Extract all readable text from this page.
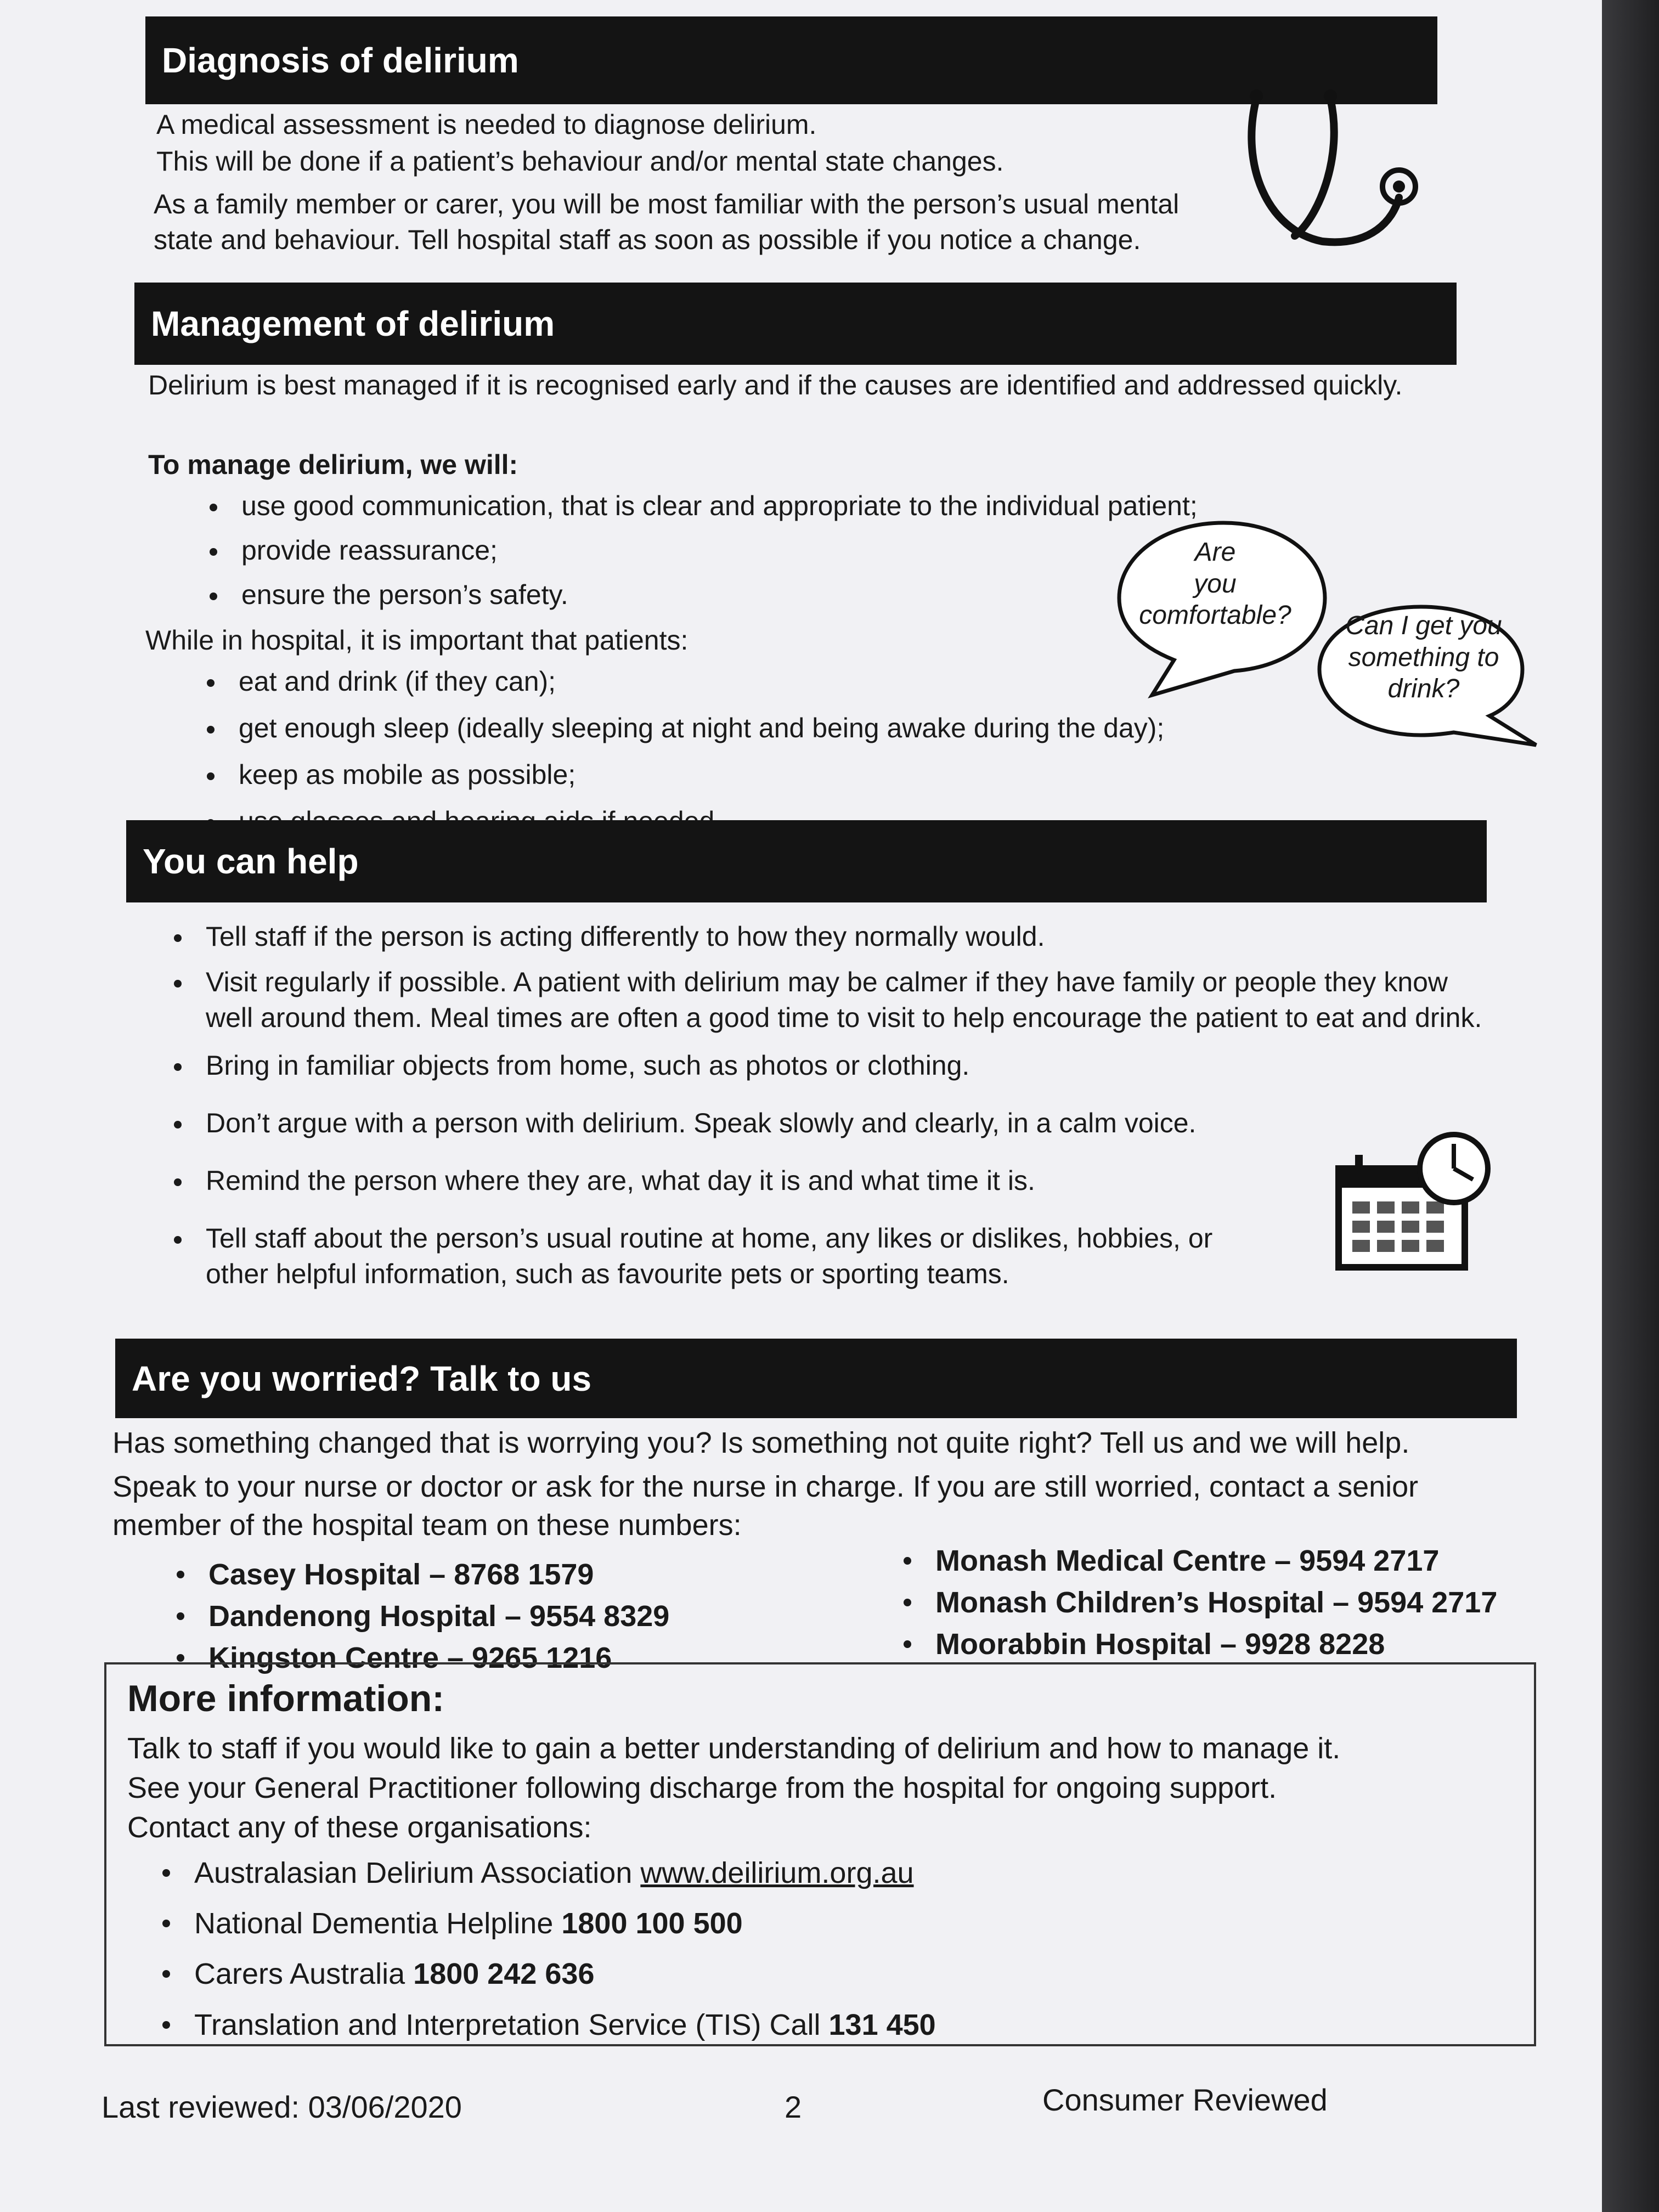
Diagnosis of delirium

A medical assessment is needed to diagnose delirium.

This will be done if a patient’s behaviour and/or mental state changes.

As a family member or carer, you will be most familiar with the person’s usual mental state and behaviour. Tell hospital staff as soon as possible if you notice a change.

Management of delirium

Delirium is best managed if it is recognised early and if the causes are identified and addressed quickly.

To manage delirium, we will:

use good communication, that is clear and appropriate to the individual patient;
provide reassurance;
ensure the person’s safety.

While in hospital, it is important that patients:

eat and drink (if they can);
get enough sleep (ideally sleeping at night and being awake during the day);
keep as mobile as possible;
Are
you
comfortable?	Can I get you
something to
drink?
You can help
Tell staff if the person is acting differently to how they normally would.
Visit regularly if possible. A patient with delirium may be calmer if they have family or people they know well around them. Meal times are often a good time to visit to help encourage the patient to eat and drink.
Bring in familiar objects from home, such as photos or clothing.
Don’t argue with a person with delirium. Speak slowly and clearly, in a calm voice.
Remind the person where they are, what day it is and what time it is.
Tell staff about the person’s usual routine at home, any likes or dislikes, hobbies, or other helpful information, such as favourite pets or sporting teams.
Are you worried? Talk to us

Has something changed that is worrying you? Is something not quite right? Tell us and we will help.

Speak to your nurse or doctor or ask for the nurse in charge. If you are still worried, contact a senior member of the hospital team on these numbers:

Casey Hospital – 8768 1579
Dandenong Hospital – 9554 8329
Kingston Centre – 9265 1216
Monash Medical Centre – 9594 2717
Monash Children’s Hospital – 9594 2717
Moorabbin Hospital – 9928 8228

More information:

Talk to staff if you would like to gain a better understanding of delirium and how to manage it.

See your General Practitioner following discharge from the hospital for ongoing support.

Contact any of these organisations:

Australasian Delirium Association www.deilirium.org.au
National Dementia Helpline 1800 100 500
Carers Australia 1800 242 636
Translation and Interpretation Service (TIS) Call 131 450
Last reviewed: 03/06/2020	2	Consumer Reviewed
